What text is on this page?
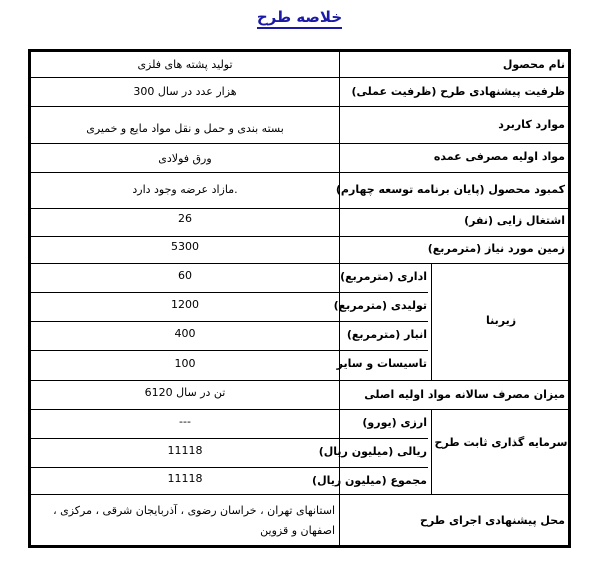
خلاصه طرح
نام محصول
تولید پشته های فلزی
ظرفیت پیشنهادی طرح (ظرفیت عملی)
300 هزار عدد در سال
موارد کاربرد
بسته بندی و حمل و نقل مواد مایع و خمیری
مواد اولیه مصرفی عمده
ورق فولادی
کمبود محصول (پایان برنامه توسعه چهارم)
مازاد عرضه وجود دارد.
اشتغال زایی (نفر)
26
زمین مورد نیاز (مترمربع)
5300
زیربنا
اداری (مترمربع)
60
تولیدی (مترمربع)
1200
انبار (مترمربع)
400
تاسیسات و سایر
100
میزان مصرف سالانه مواد اولیه اصلی
6120 تن در سال
سرمایه گذاری ثابت طرح
ارزی (یورو)
---
ریالی (میلیون ریال)
11118
مجموع (میلیون ریال)
11118
محل پیشنهادی اجرای طرح
استانهای تهران ، خراسان رضوی ، آذربایجان شرقی ، مرکزی ،
اصفهان و قزوین
